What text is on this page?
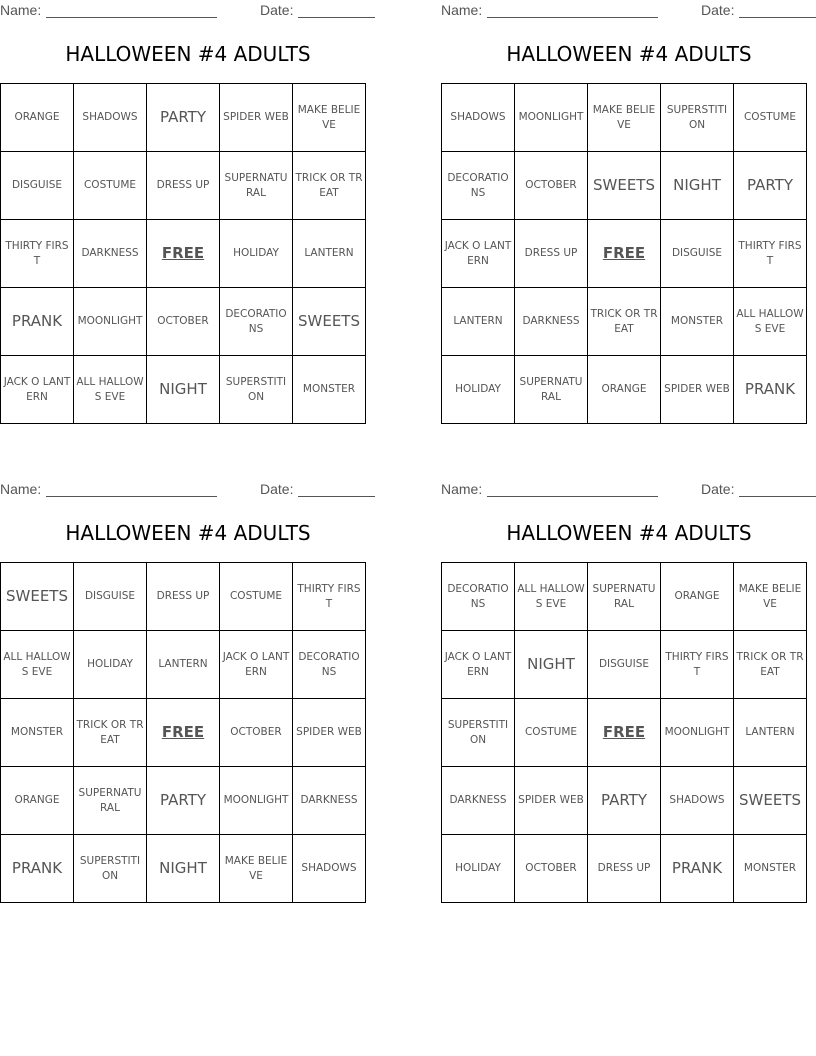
Name:	Date:
HALLOWEEN #4 ADULTS
ORANGE	SHADOWS	PARTY	SPIDER WEB	MAKE BELIEVE
DISGUISE	COSTUME	DRESS UP	SUPERNATURAL	TRICK OR TREAT
THIRTY FIRST	DARKNESS	FREE	HOLIDAY	LANTERN
PRANK	MOONLIGHT	OCTOBER	DECORATIONS	SWEETS
JACK O LANTERN	ALL HALLOWS EVE	NIGHT	SUPERSTITION	MONSTER
Name:	Date:
HALLOWEEN #4 ADULTS
SHADOWS	MOONLIGHT	MAKE BELIEVE	SUPERSTITION	COSTUME
DECORATIONS	OCTOBER	SWEETS	NIGHT	PARTY
JACK O LANTERN	DRESS UP	FREE	DISGUISE	THIRTY FIRST
LANTERN	DARKNESS	TRICK OR TREAT	MONSTER	ALL HALLOWS EVE
HOLIDAY	SUPERNATURAL	ORANGE	SPIDER WEB	PRANK
Name:	Date:
HALLOWEEN #4 ADULTS
SWEETS	DISGUISE	DRESS UP	COSTUME	THIRTY FIRST
ALL HALLOWS EVE	HOLIDAY	LANTERN	JACK O LANTERN	DECORATIONS
MONSTER	TRICK OR TREAT	FREE	OCTOBER	SPIDER WEB
ORANGE	SUPERNATURAL	PARTY	MOONLIGHT	DARKNESS
PRANK	SUPERSTITION	NIGHT	MAKE BELIEVE	SHADOWS
Name:	Date:
HALLOWEEN #4 ADULTS
DECORATIONS	ALL HALLOWS EVE	SUPERNATURAL	ORANGE	MAKE BELIEVE
JACK O LANTERN	NIGHT	DISGUISE	THIRTY FIRST	TRICK OR TREAT
SUPERSTITION	COSTUME	FREE	MOONLIGHT	LANTERN
DARKNESS	SPIDER WEB	PARTY	SHADOWS	SWEETS
HOLIDAY	OCTOBER	DRESS UP	PRANK	MONSTER
